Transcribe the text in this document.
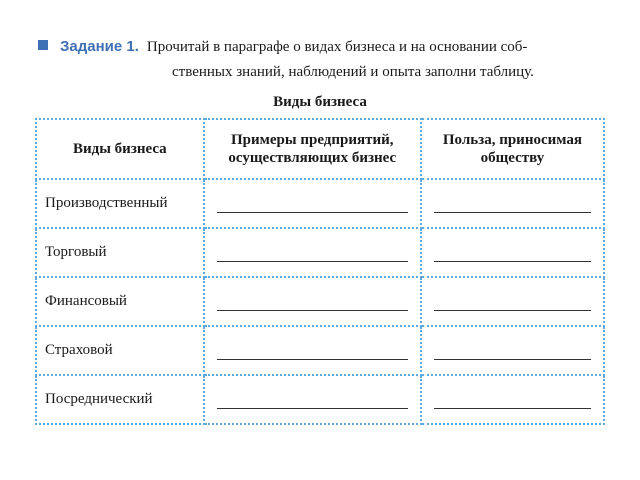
Задание 1. Прочитай в параграфе о видах бизнеса и на основании соб-
ственных знаний, наблюдений и опыта заполни таблицу.
Виды бизнеса
Виды бизнеса	Примеры предприятий, осуществляющих бизнес	Польза, приносимая обществу
Производственный	

Торговый	

Финансовый	

Страховой	

Посреднический	
